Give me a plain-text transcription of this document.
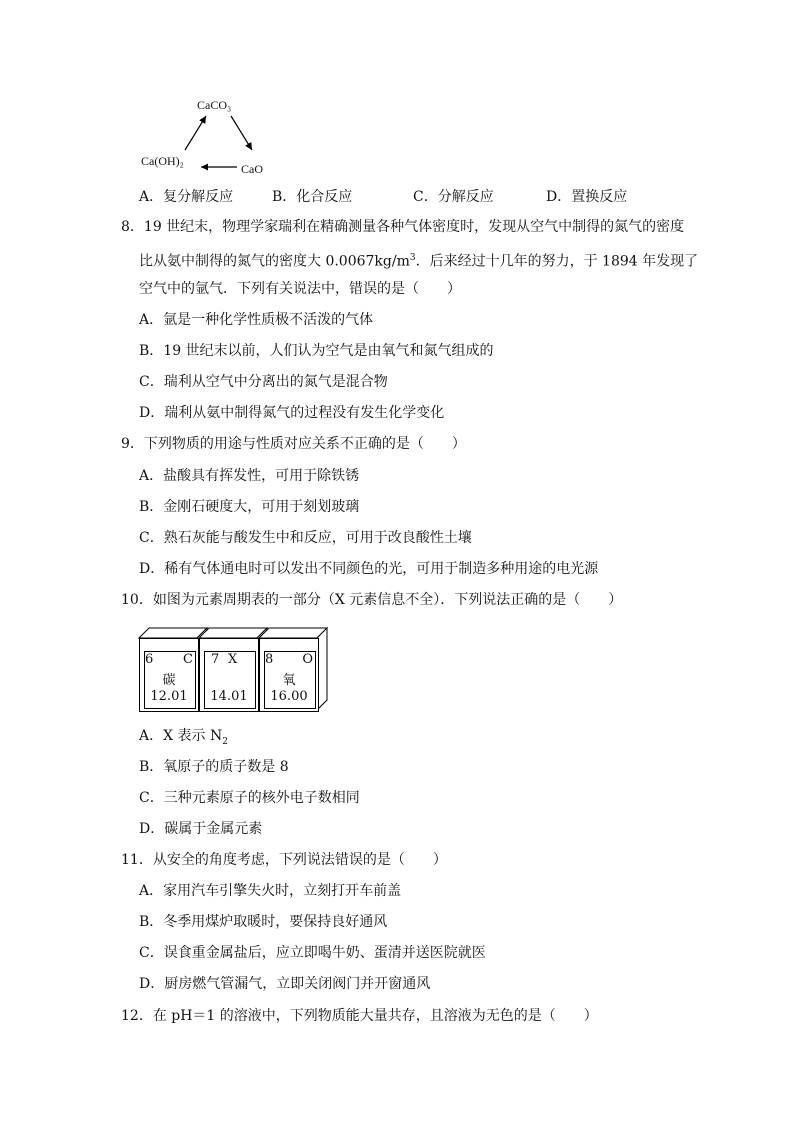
CaCO₃
Ca(OH)₂
CaO
A．复分解反应	B．化合反应	C．分解反应	D．置换反应
8．19 世纪末，物理学家瑞利在精确测量各种气体密度时，发现从空气中制得的氮气的密度
比从氨中制得的氮气的密度大 $0.0067kg/m^3$．后来经过十几年的努力，于 1894 年发现了
空气中的氩气．下列有关说法中，错误的是（　　）
A．氩是一种化学性质极不活泼的气体
B．19 世纪末以前，人们认为空气是由氧气和氮气组成的
C．瑞利从空气中分离出的氮气是混合物
D．瑞利从氨中制得氮气的过程没有发生化学变化
9．下列物质的用途与性质对应关系不正确的是（　　）
A．盐酸具有挥发性，可用于除铁锈
B．金刚石硬度大，可用于刻划玻璃
C．熟石灰能与酸发生中和反应，可用于改良酸性土壤
D．稀有气体通电时可以发出不同颜色的光，可用于制造多种用途的电光源
10．如图为元素周期表的一部分（X 元素信息不全）．下列说法正确的是（　　）
6 C
碳
12.01
7 X
14.01
8 O
氧
16.00
A．X 表示 $N_2$
B．氧原子的质子数是 8
C．三种元素原子的核外电子数相同
D．碳属于金属元素
11．从安全的角度考虑，下列说法错误的是（　　）
A．家用汽车引擎失火时，立刻打开车前盖
B．冬季用煤炉取暖时，要保持良好通风
C．误食重金属盐后，应立即喝牛奶、蛋清并送医院就医
D．厨房燃气管漏气，立即关闭阀门并开窗通风
12．在 pH＝1 的溶液中，下列物质能大量共存，且溶液为无色的是（　　）
